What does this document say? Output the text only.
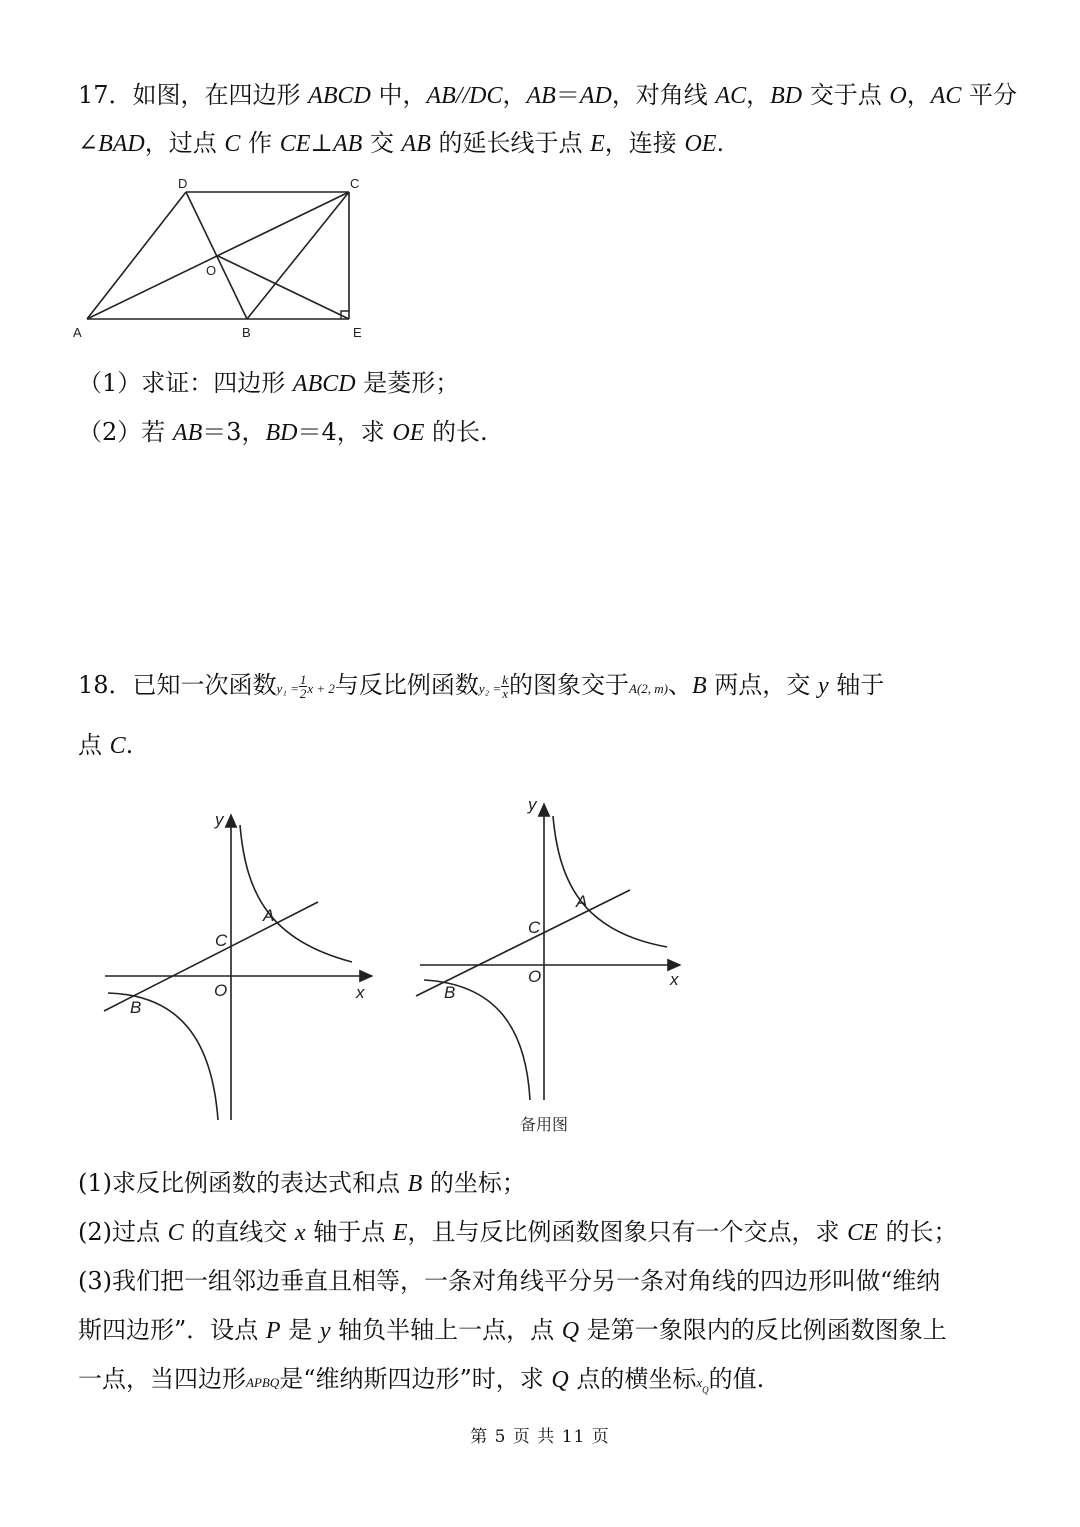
17．如图，在四边形 ABCD 中，AB//DC，AB＝AD，对角线 AC，BD 交于点 O，AC 平分
∠BAD，过点 C 作 CE⊥AB 交 AB 的延长线于点 E，连接 OE.
A	B
C
D
E
O
（1）求证：四边形 ABCD 是菱形；
（2）若 AB＝3，BD＝4，求 OE 的长.
18．已知一次函数$y_1 = \frac{1}{2}$ x + 2与反比例函数$y_2 = \frac{k}{x}$ 的图象交于A(2, m)、B 两点，交 y 轴于
点 C.
y
x
O
A
B
C
y
x
O
A
B
C
备用图
(1)求反比例函数的表达式和点 B 的坐标；
(2)过点 C 的直线交 x 轴于点 E，且与反比例函数图象只有一个交点，求 CE 的长；
(3)我们把一组邻边垂直且相等，一条对角线平分另一条对角线的四边形叫做“维纳
斯四边形”．设点 P 是 y 轴负半轴上一点，点 Q 是第一象限内的反比例函数图象上
一点，当四边形APBQ是“维纳斯四边形”时，求 Q 点的横坐标$x_Q$的值.
第 5 页 共 11 页
